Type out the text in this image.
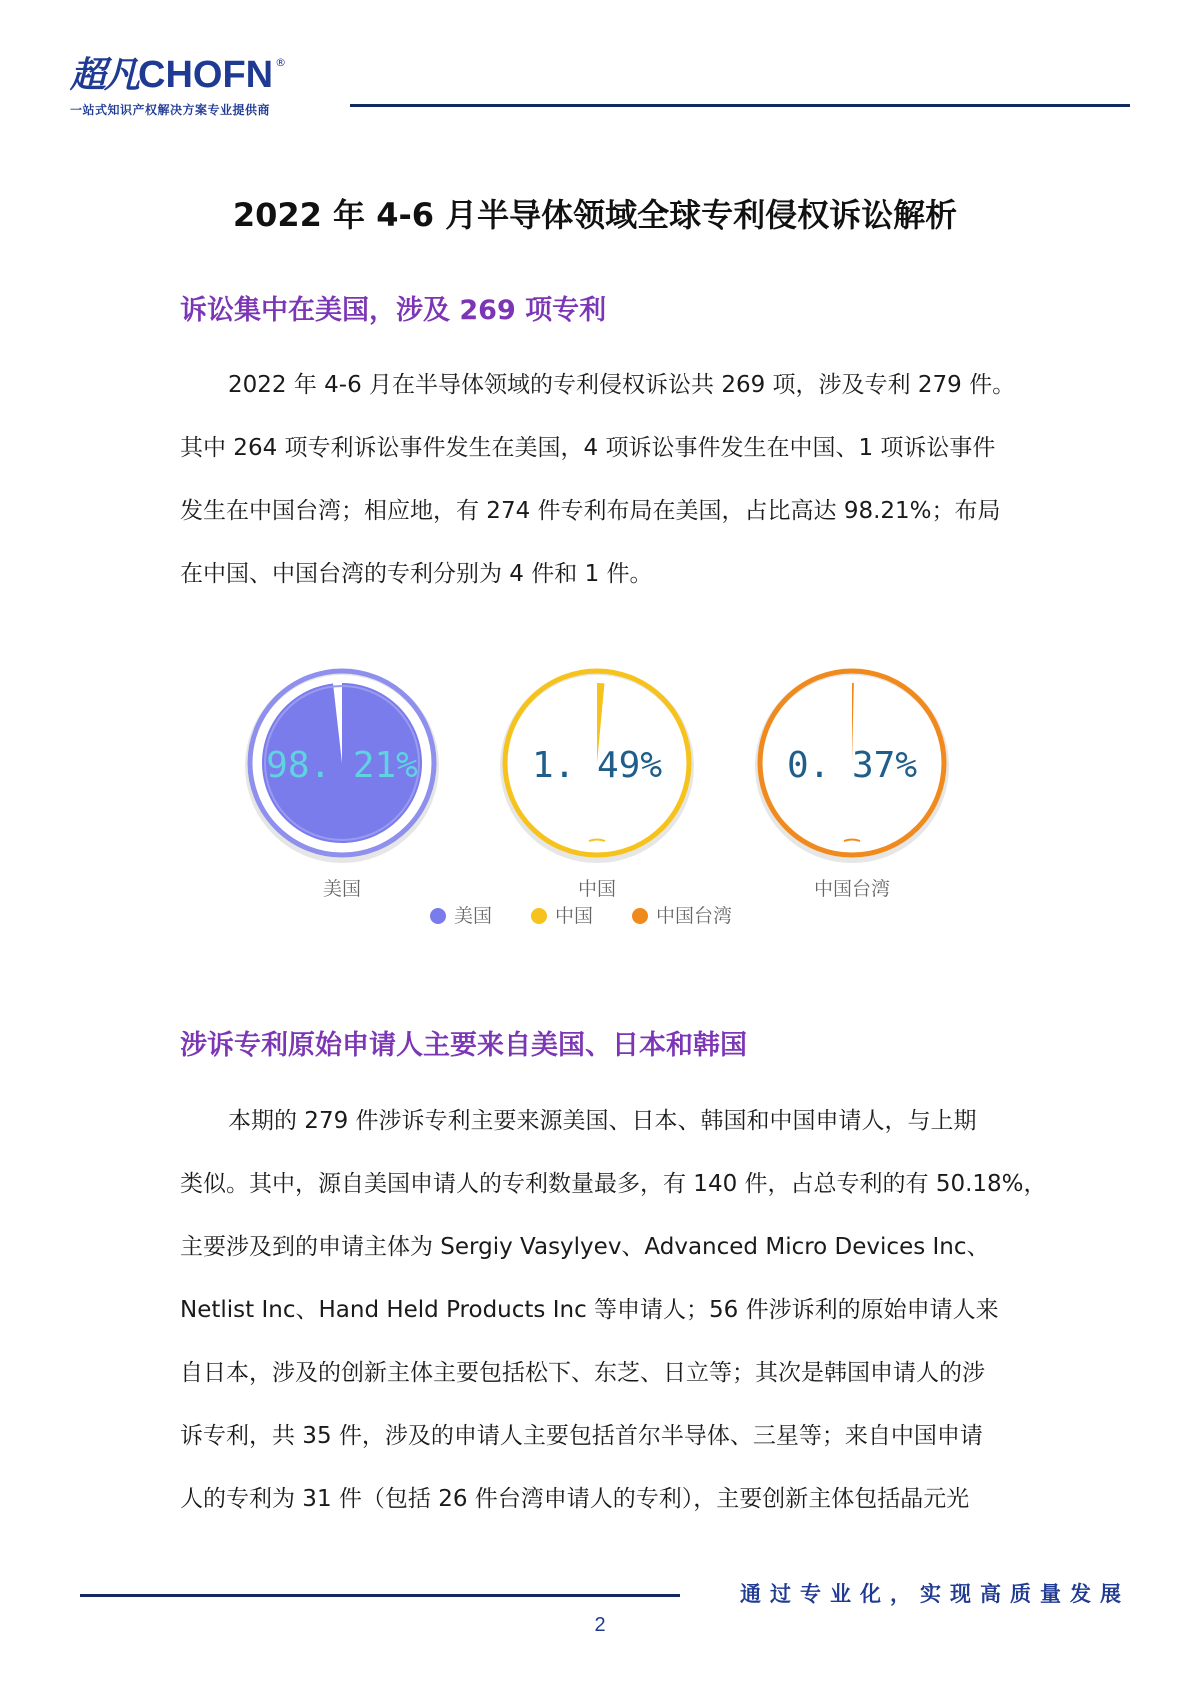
超凡 CHOFN ®
一站式知识产权解决方案专业提供商
2022 年 4-6 月半导体领域全球专利侵权诉讼解析
诉讼集中在美国，涉及 269 项专利
2022 年 4-6 月在半导体领域的专利侵权诉讼共 269 项，涉及专利 279 件。
其中 264 项专利诉讼事件发生在美国，4 项诉讼事件发生在中国、1 项诉讼事件
发生在中国台湾；相应地，有 274 件专利布局在美国，占比高达 98.21%；布局
在中国、中国台湾的专利分别为 4 件和 1 件。
98. 21%
美国
1. 49%
中国
0. 37%
中国台湾
美国	中国	中国台湾
涉诉专利原始申请人主要来自美国、日本和韩国
本期的 279 件涉诉专利主要来源美国、日本、韩国和中国申请人，与上期
类似。其中，源自美国申请人的专利数量最多，有 140 件，占总专利的有 50.18%，
主要涉及到的申请主体为 Sergiy Vasylyev、Advanced Micro Devices Inc、
Netlist Inc、Hand Held Products Inc 等申请人；56 件涉诉利的原始申请人来
自日本，涉及的创新主体主要包括松下、东芝、日立等；其次是韩国申请人的涉
诉专利，共 35 件，涉及的申请人主要包括首尔半导体、三星等；来自中国申请
人的专利为 31 件（包括 26 件台湾申请人的专利），主要创新主体包括晶元光
通过专业化，实现高质量发展
2
